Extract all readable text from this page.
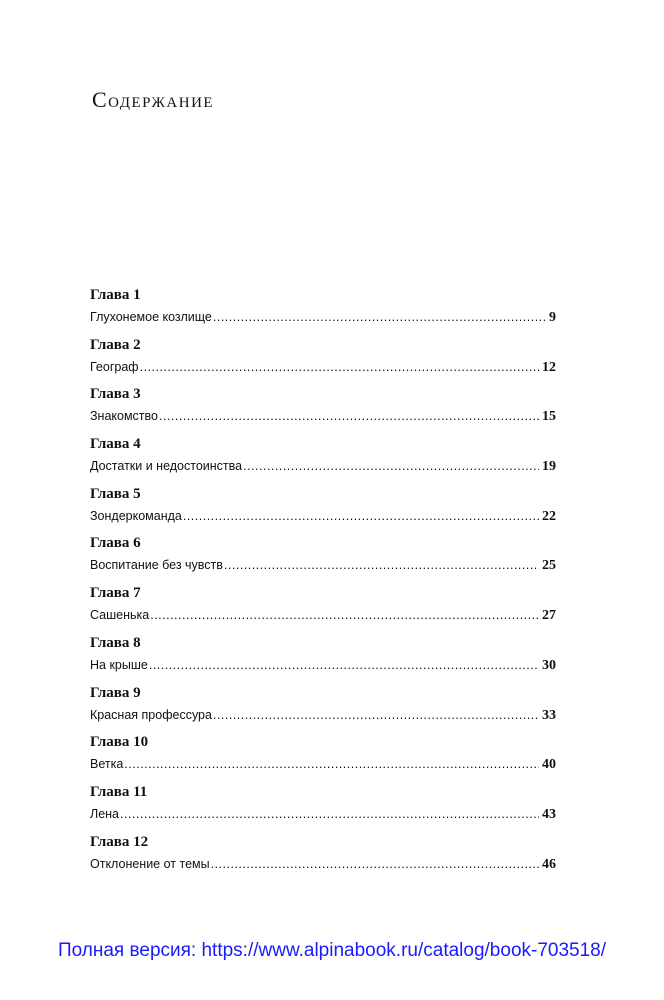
Содержание
Глава 1
Глухонемое козлище .....	9
Глава 2
Географ .....	12
Глава 3
Знакомство .....	15
Глава 4
Достатки и недостоинства .....	19
Глава 5
Зондеркоманда .....	22
Глава 6
Воспитание без чувств .....	25
Глава 7
Сашенька .....	27
Глава 8
На крыше .....	30
Глава 9
Красная профессура .....	33
Глава 10
Ветка .....	40
Глава 11
Лена .....	43
Глава 12
Отклонение от темы .....	46
Полная версия: https://www.alpinabook.ru/catalog/book-703518/
